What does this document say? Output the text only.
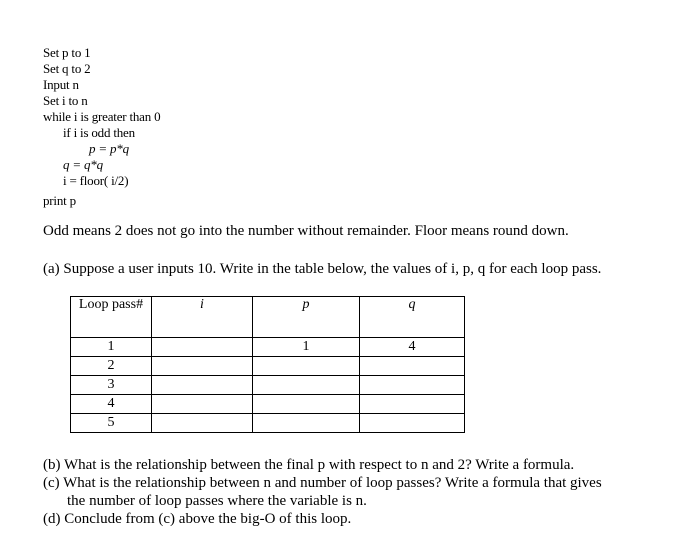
Set p to 1
Set q to 2
Input n
Set i to n
while i is greater than 0
if i is odd then
p = p*q
q = q*q
i = floor( i/2)
print p
Odd means 2 does not go into the number without remainder. Floor means round down.
(a) Suppose a user inputs 10. Write in the table below, the values of i, p, q for each loop pass.
Loop pass#	i	p	q
1		1	4
2			
3			
4			
5			
(b) What is the relationship between the final p with respect to n and 2? Write a formula.
(c) What is the relationship between n and number of loop passes? Write a formula that gives
the number of loop passes where the variable is n.
(d) Conclude from (c) above the big-O of this loop.
